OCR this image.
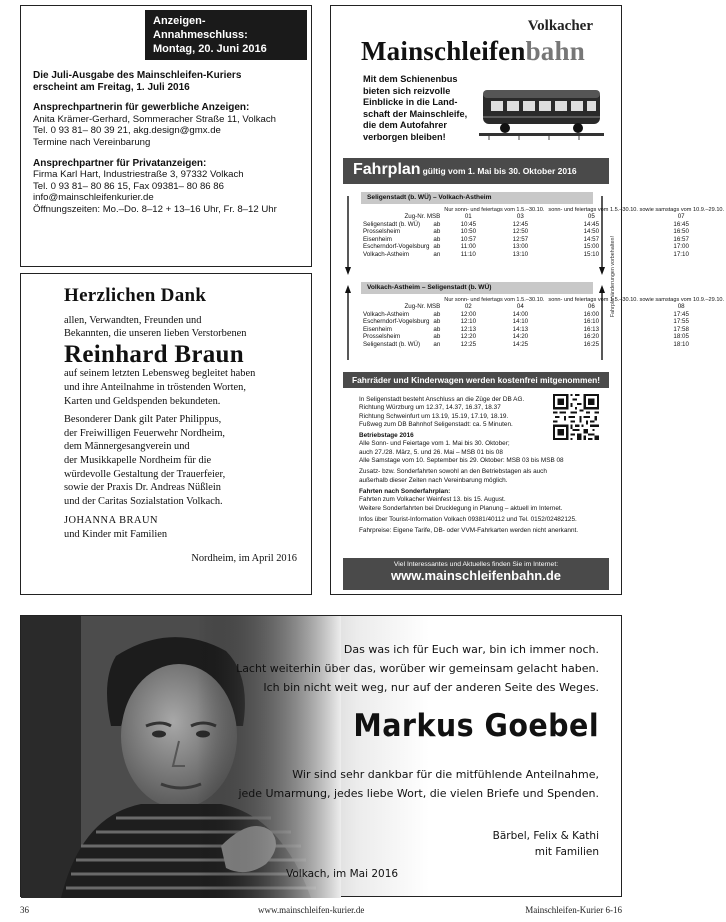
Anzeigen-Annahmeschluss:
Montag, 20. Juni 2016
Die Juli-Ausgabe des Mainschleifen-Kuriers
erscheint am Freitag, 1. Juli 2016
Ansprechpartnerin für gewerbliche Anzeigen:
Anita Krämer-Gerhard, Sommeracher Straße 11, Volkach
Tel. 0 93 81– 80 39 21, akg.design@gmx.de
Termine nach Vereinbarung
Ansprechpartner für Privatanzeigen:
Firma Karl Hart, Industriestraße 3, 97332 Volkach
Tel. 0 93 81– 80 86 15, Fax 09381– 80 86 86
info@mainschleifenkurier.de
Öffnungszeiten: Mo.–Do. 8–12 + 13–16 Uhr, Fr. 8–12 Uhr
Herzlichen Dank
allen, Verwandten, Freunden und
Bekannten, die unseren lieben Verstorbenen
Reinhard Braun

auf seinem letzten Lebensweg begleitet haben
und ihre Anteilnahme in tröstenden Worten,
Karten und Geldspenden bekundeten.

Besonderer Dank gilt Pater Philippus,
der Freiwilligen Feuerwehr Nordheim,
dem Männergesangverein und
der Musikkapelle Nordheim für die
würdevolle Gestaltung der Trauerfeier,
sowie der Praxis Dr. Andreas Nüßlein
und der Caritas Sozialstation Volkach.

JOHANNA BRAUN
und Kinder mit Familien
Nordheim, im April 2016
Volkacher
Mainschleifenbahn
Mit dem Schienenbus
bieten sich reizvolle
Einblicke in die Land-
schaft der Mainschleife,
die dem Autofahrer
verborgen bleiben!
Fahrplan gültig vom 1. Mai bis 30. Oktober 2016
Seligenstadt (b. WÜ) – Volkach-Astheim
		Nur sonn- und feiertags vom 1.5.–30.10.		sonn- und feiertags vom 1.5.–30.10. sowie samstags vom 10.9.–29.10.	
Zug-Nr. MSB		01	03	05	07
Seligenstadt (b. WÜ)	ab	10:45	12:45	14:45	16:45
Prosselsheim	ab	10:50	12:50	14:50	16:50
Eisenheim	ab	10:57	12:57	14:57	16:57
Escherndorf-Vogelsburg	ab	11:00	13:00	15:00	17:00
Volkach-Astheim	an	11:10	13:10	15:10	17:10
Volkach-Astheim – Seligenstadt (b. WÜ)
		Nur sonn- und feiertags vom 1.5.–30.10.		sonn- und feiertags vom 1.5.–30.10. sowie samstags vom 10.9.–29.10.	
Zug-Nr. MSB		02	04	06	08
Volkach-Astheim	ab	12:00	14:00	16:00	17:45
Escherndorf-Vogelsburg	ab	12:10	14:10	16:10	17:55
Eisenheim	ab	12:13	14:13	16:13	17:58
Prosselsheim	ab	12:20	14:20	16:20	18:05
Seligenstadt (b. WÜ)	an	12:25	14:25	16:25	18:10
Fahrplanänderungen vorbehalten!
Fahrräder und Kinderwagen werden kostenfrei mitgenommen!
In Seligenstadt besteht Anschluss an die Züge der DB AG.
Richtung Würzburg um 12.37, 14.37, 16.37, 18.37
Richtung Schweinfurt um 13.19, 15.19, 17.19, 18.19.
Fußweg zum DB Bahnhof Seligenstadt: ca. 5 Minuten.
Betriebstage 2016
Alle Sonn- und Feiertage vom 1. Mai bis 30. Oktober;
auch 27./28. März, 5. und 26. Mai – MSB 01 bis 08
Alle Samstage vom 10. September bis 29. Oktober: MSB 03 bis MSB 08
Zusatz- bzw. Sonderfahrten sowohl an den Betriebstagen als auch
außerhalb dieser Zeiten nach Vereinbarung möglich.
Fahrten nach Sonderfahrplan:
Fahrten zum Volkacher Weinfest 13. bis 15. August.
Weitere Sonderfahrten bei Drucklegung in Planung – aktuell im Internet.
Infos über Tourist-Information Volkach 09381/40112 und Tel. 0152/02482125.
Fahrpreise: Eigene Tarife, DB- oder VVM-Fahrkarten werden nicht anerkannt.
Viel Interessantes und Aktuelles finden Sie im Internet:
www.mainschleifenbahn.de
Das was ich für Euch war, bin ich immer noch.
Lacht weiterhin über das, worüber wir gemeinsam gelacht haben.
Ich bin nicht weit weg, nur auf der anderen Seite des Weges.
Markus Goebel
Wir sind sehr dankbar für die mitfühlende Anteilnahme,
jede Umarmung, jedes liebe Wort, die vielen Briefe und Spenden.
Bärbel, Felix & Kathi
mit Familien
Volkach, im Mai 2016
36	www.mainschleifen-kurier.de	Mainschleifen-Kurier 6-16
